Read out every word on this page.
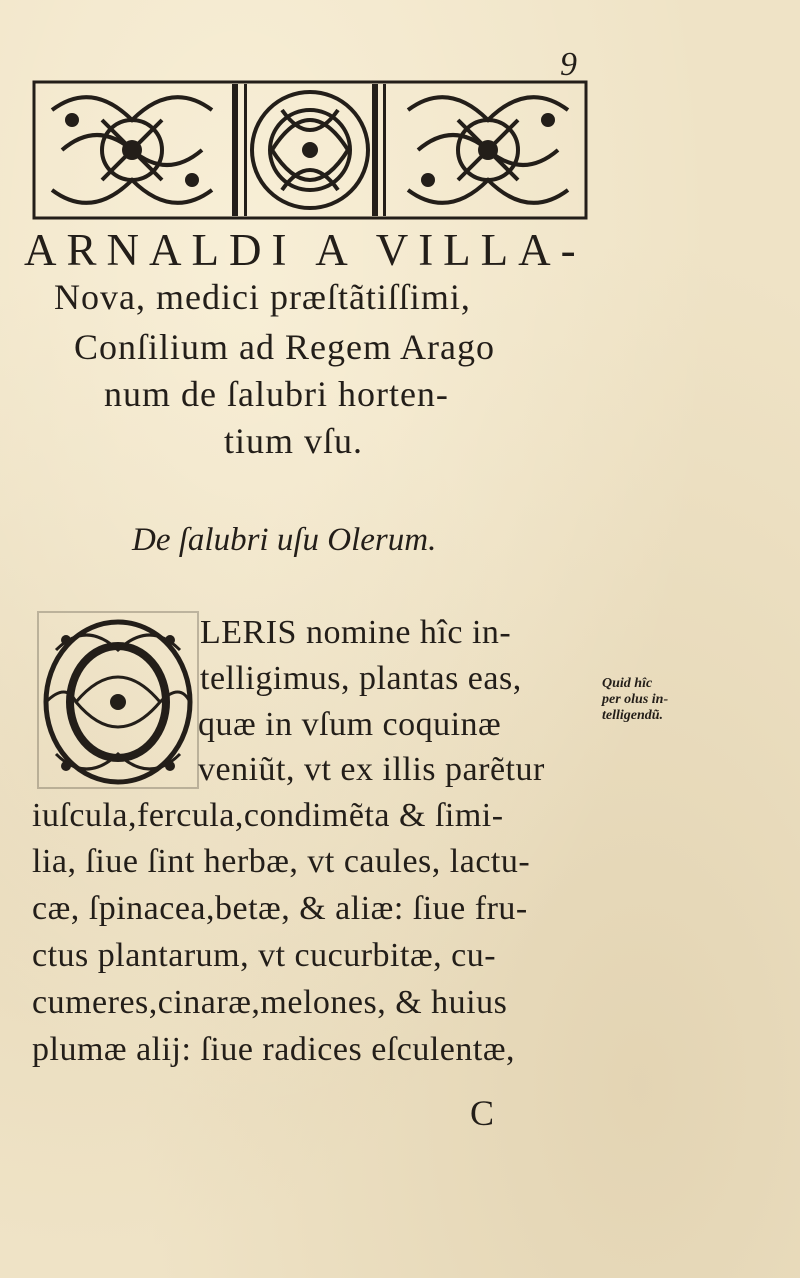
9
ARNALDI A VILLA-
Nova, medici præſtãtiſſimi,
Conſilium ad Regem Arago
num de ſalubri horten-
tium vſu.
De ſalubri uſu Olerum.
LERIS nomine hîc in-
telligimus, plantas eas,
quæ in vſum coquinæ
veniũt, vt ex illis parẽtur
iuſcula,fercula,condimẽta & ſimi-
lia, ſiue ſint herbæ, vt caules, lactu-
cæ, ſpinacea,betæ, & aliæ: ſiue fru-
ctus plantarum, vt cucurbitæ, cu-
cumeres,cinaræ,melones, & huius
plumæ alij: ſiue radices eſculentæ,
Quid hîc
per olus in-
telligendũ.
C
